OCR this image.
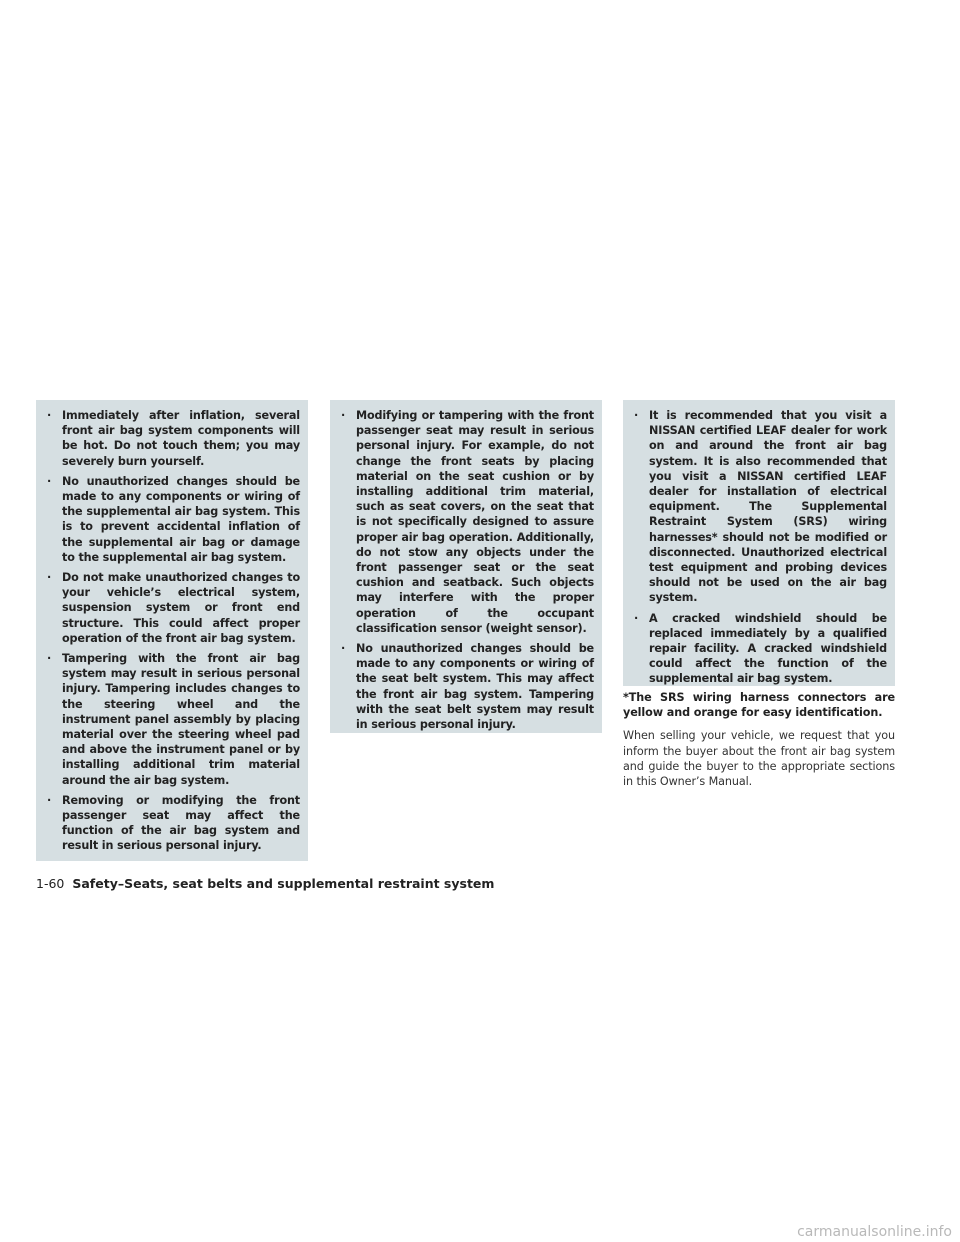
· Immediately after inflation, several front air bag system components will be hot. Do not touch them; you may severely burn yourself.
· No unauthorized changes should be made to any components or wiring of the supplemental air bag system. This is to prevent accidental inflation of the supplemental air bag or damage to the supplemental air bag system.
· Do not make unauthorized changes to your vehicle’s electrical system, suspension system or front end structure. This could affect proper operation of the front air bag system.
· Tampering with the front air bag system may result in serious personal injury. Tampering includes changes to the steering wheel and the instrument panel assembly by placing material over the steering wheel pad and above the instrument panel or by installing additional trim material around the air bag system.
· Removing or modifying the front passenger seat may affect the function of the air bag system and result in serious personal injury.
· Modifying or tampering with the front passenger seat may result in serious personal injury. For example, do not change the front seats by placing material on the seat cushion or by installing additional trim material, such as seat covers, on the seat that is not specifically designed to assure proper air bag operation. Additionally, do not stow any objects under the front passenger seat or the seat cushion and seatback. Such objects may interfere with the proper operation of the occupant classification sensor (weight sensor).
· No unauthorized changes should be made to any components or wiring of the seat belt system. This may affect the front air bag system. Tampering with the seat belt system may result in serious personal injury.
· It is recommended that you visit a NISSAN certified LEAF dealer for work on and around the front air bag system. It is also recommended that you visit a NISSAN certified LEAF dealer for installation of electrical equipment. The Supplemental Restraint System (SRS) wiring harnesses* should not be modified or disconnected. Unauthorized electrical test equipment and probing devices should not be used on the air bag system.
· A cracked windshield should be replaced immediately by a qualified repair facility. A cracked windshield could affect the function of the supplemental air bag system.

*The SRS wiring harness connectors are yellow and orange for easy identification.

When selling your vehicle, we request that you inform the buyer about the front air bag system and guide the buyer to the appropriate sections in this Owner’s Manual.

1-60 Safety–Seats, seat belts and supplemental restraint system
carmanualsonline.info
